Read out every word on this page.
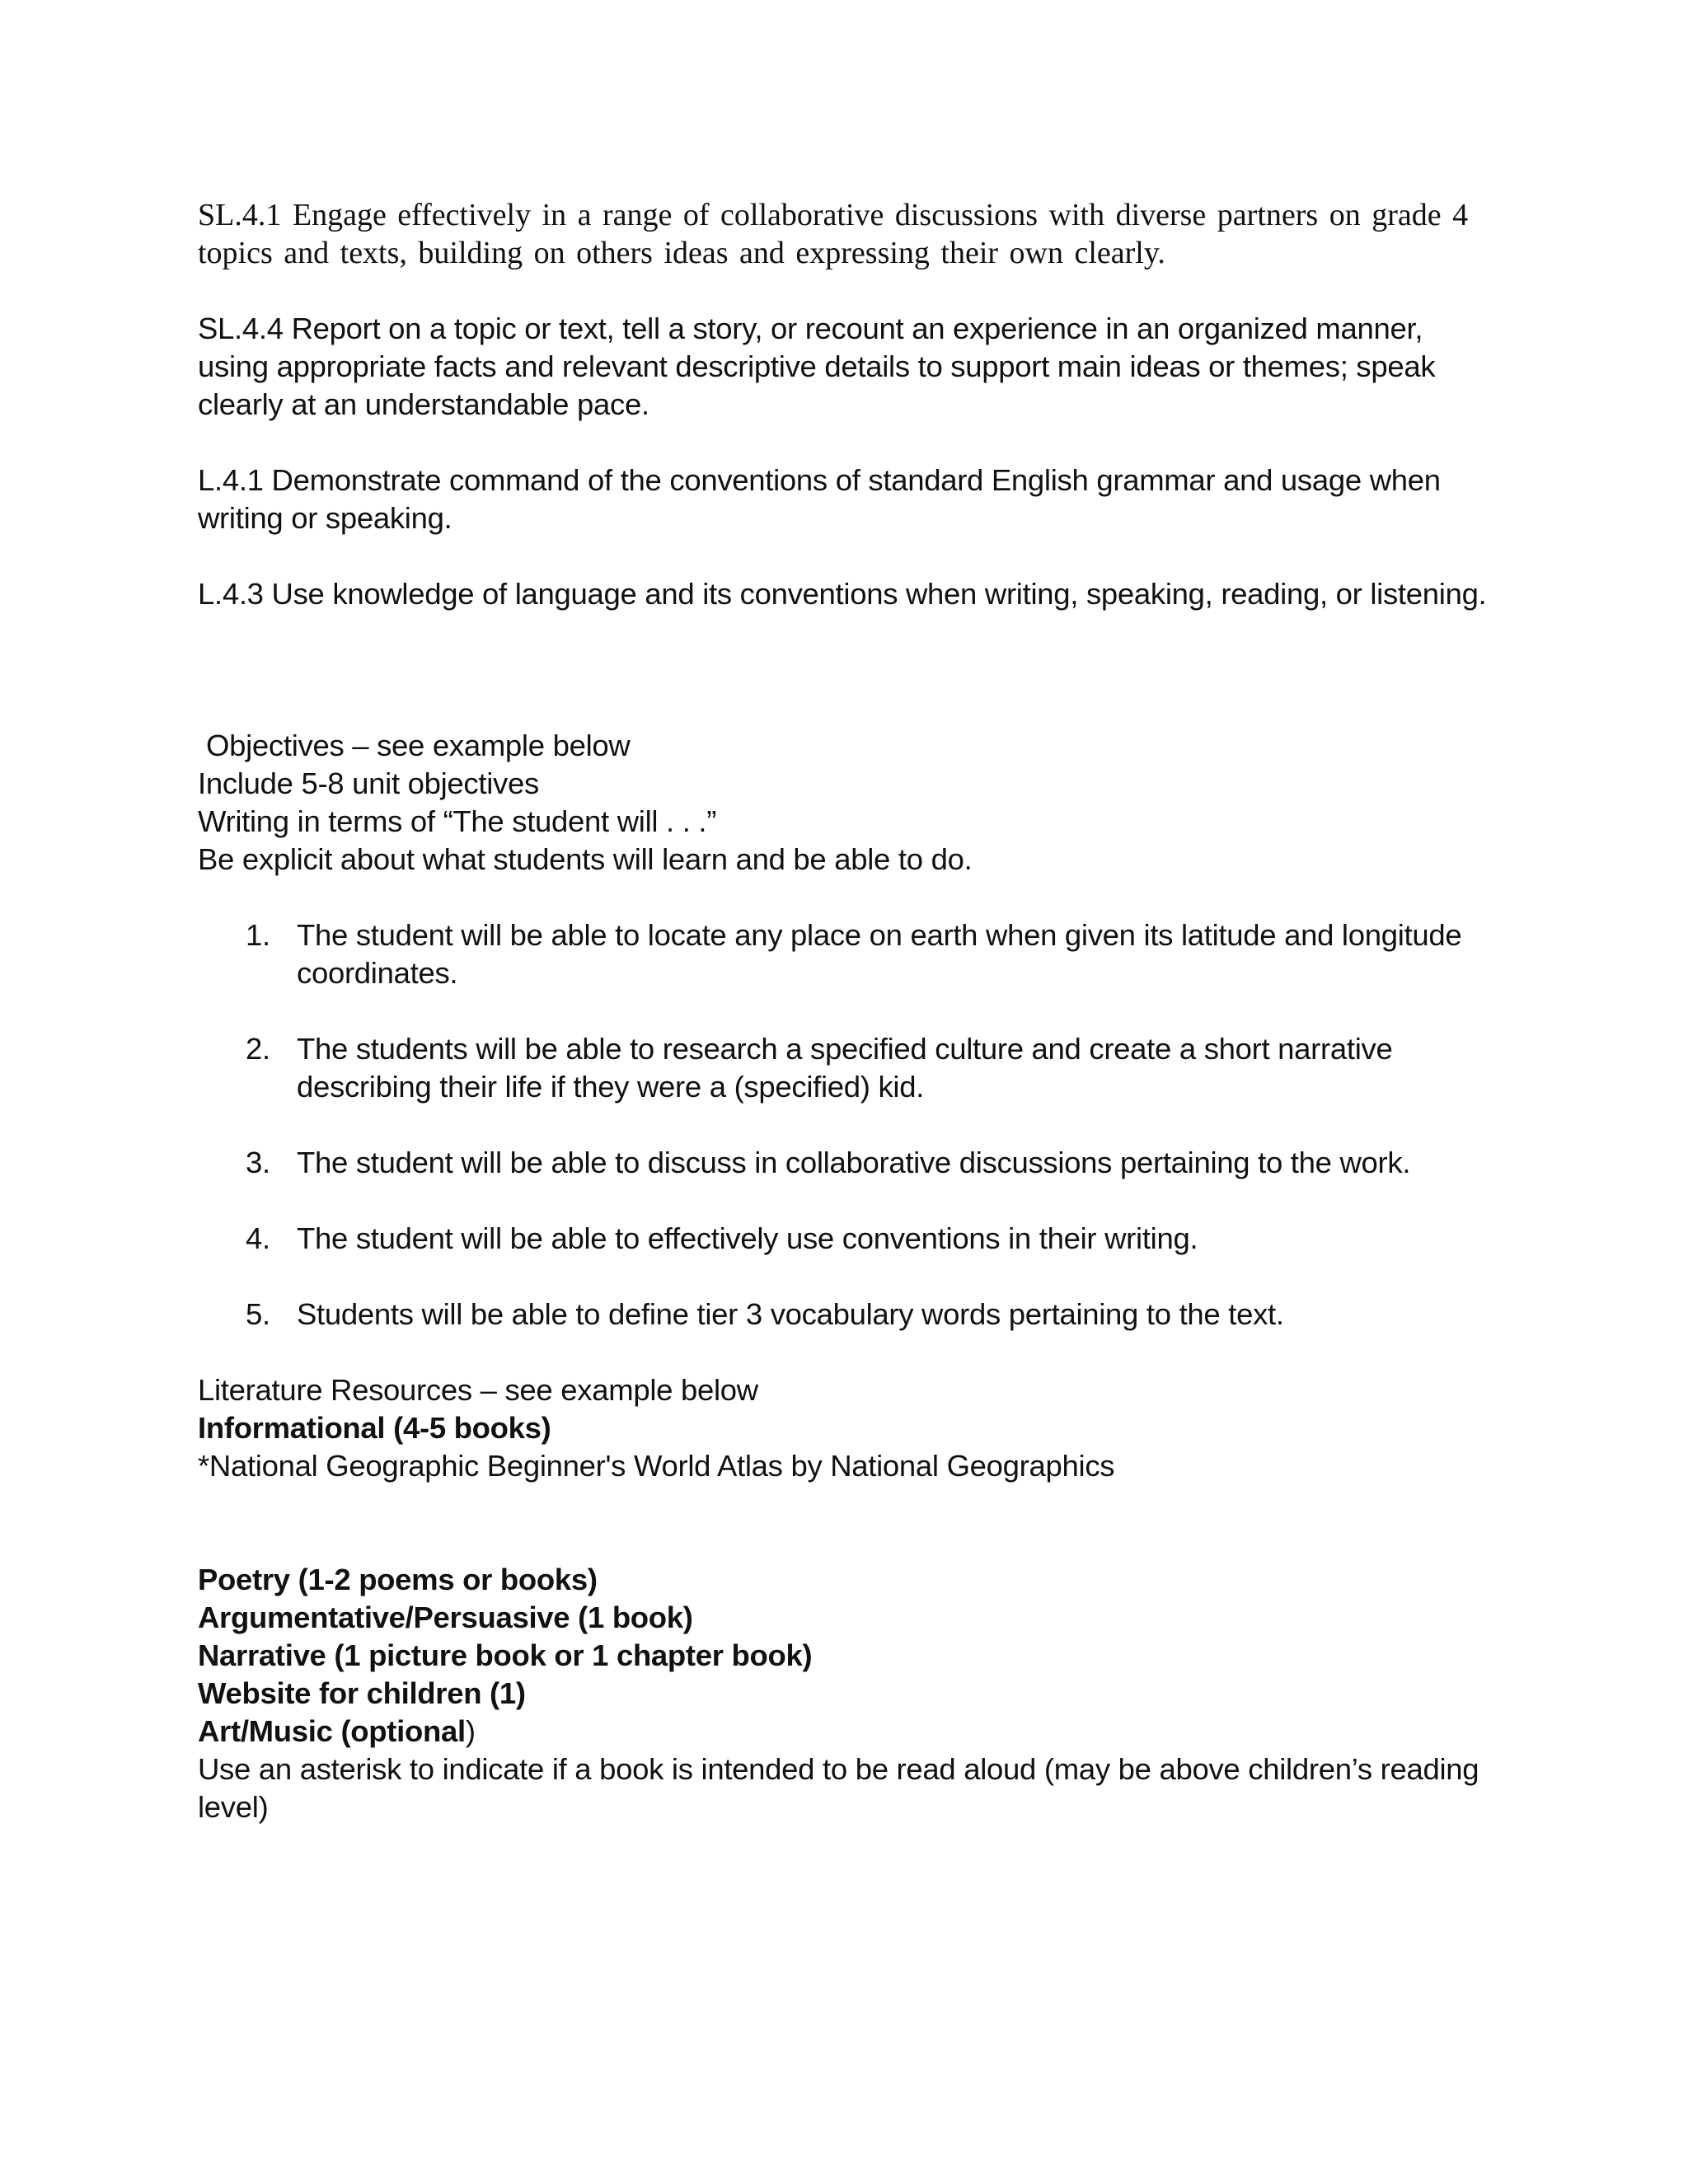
SL.4.1 Engage effectively in a range of collaborative discussions with diverse partners on grade 4 topics and texts, building on others ideas and expressing their own clearly.

SL.4.4 Report on a topic or text, tell a story, or recount an experience in an organized manner, using appropriate facts and relevant descriptive details to support main ideas or themes; speak clearly at an understandable pace.

L.4.1 Demonstrate command of the conventions of standard English grammar and usage when writing or speaking.

L.4.3 Use knowledge of language and its conventions when writing, speaking, reading, or listening.

Objectives – see example below
Include 5-8 unit objectives
Writing in terms of “The student will . . .”
Be explicit about what students will learn and be able to do.
1. The student will be able to locate any place on earth when given its latitude and longitude coordinates.
2. The students will be able to research a specified culture and create a short narrative describing their life if they were a (specified) kid.
3. The student will be able to discuss in collaborative discussions pertaining to the work.
4. The student will be able to effectively use conventions in their writing.
5. Students will be able to define tier 3 vocabulary words pertaining to the text.
Literature Resources – see example below
Informational (4-5 books)
*National Geographic Beginner's World Atlas by National Geographics
Poetry (1-2 poems or books)
Argumentative/Persuasive (1 book)
Narrative (1 picture book or 1 chapter book)
Website for children (1)
Art/Music (optional)
Use an asterisk to indicate if a book is intended to be read aloud (may be above children’s reading level)
